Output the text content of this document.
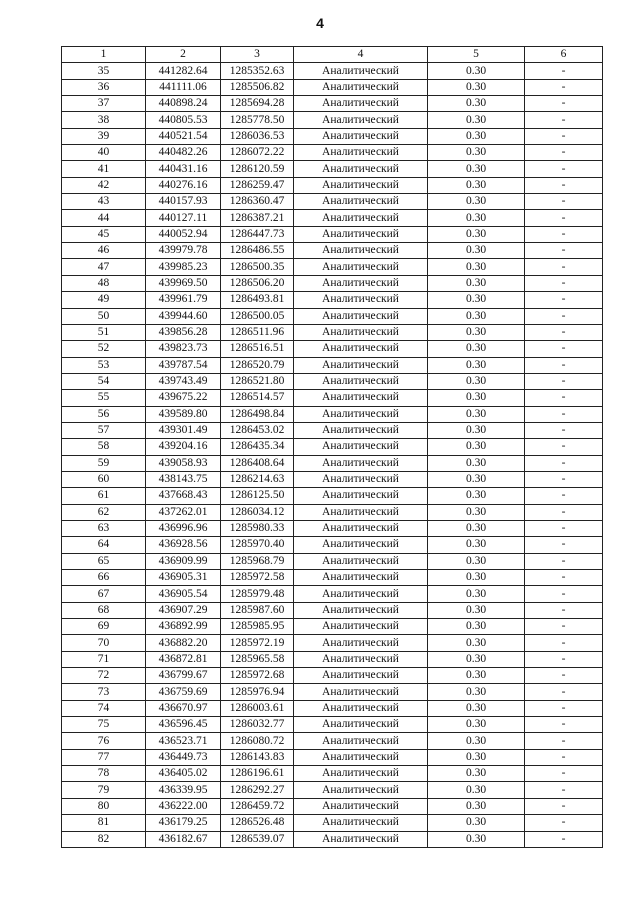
4
1	2	3	4	5	6
35	441282.64	1285352.63	Аналитический	0.30	-
36	441111.06	1285506.82	Аналитический	0.30	-
37	440898.24	1285694.28	Аналитический	0.30	-
38	440805.53	1285778.50	Аналитический	0.30	-
39	440521.54	1286036.53	Аналитический	0.30	-
40	440482.26	1286072.22	Аналитический	0.30	-
41	440431.16	1286120.59	Аналитический	0.30	-
42	440276.16	1286259.47	Аналитический	0.30	-
43	440157.93	1286360.47	Аналитический	0.30	-
44	440127.11	1286387.21	Аналитический	0.30	-
45	440052.94	1286447.73	Аналитический	0.30	-
46	439979.78	1286486.55	Аналитический	0.30	-
47	439985.23	1286500.35	Аналитический	0.30	-
48	439969.50	1286506.20	Аналитический	0.30	-
49	439961.79	1286493.81	Аналитический	0.30	-
50	439944.60	1286500.05	Аналитический	0.30	-
51	439856.28	1286511.96	Аналитический	0.30	-
52	439823.73	1286516.51	Аналитический	0.30	-
53	439787.54	1286520.79	Аналитический	0.30	-
54	439743.49	1286521.80	Аналитический	0.30	-
55	439675.22	1286514.57	Аналитический	0.30	-
56	439589.80	1286498.84	Аналитический	0.30	-
57	439301.49	1286453.02	Аналитический	0.30	-
58	439204.16	1286435.34	Аналитический	0.30	-
59	439058.93	1286408.64	Аналитический	0.30	-
60	438143.75	1286214.63	Аналитический	0.30	-
61	437668.43	1286125.50	Аналитический	0.30	-
62	437262.01	1286034.12	Аналитический	0.30	-
63	436996.96	1285980.33	Аналитический	0.30	-
64	436928.56	1285970.40	Аналитический	0.30	-
65	436909.99	1285968.79	Аналитический	0.30	-
66	436905.31	1285972.58	Аналитический	0.30	-
67	436905.54	1285979.48	Аналитический	0.30	-
68	436907.29	1285987.60	Аналитический	0.30	-
69	436892.99	1285985.95	Аналитический	0.30	-
70	436882.20	1285972.19	Аналитический	0.30	-
71	436872.81	1285965.58	Аналитический	0.30	-
72	436799.67	1285972.68	Аналитический	0.30	-
73	436759.69	1285976.94	Аналитический	0.30	-
74	436670.97	1286003.61	Аналитический	0.30	-
75	436596.45	1286032.77	Аналитический	0.30	-
76	436523.71	1286080.72	Аналитический	0.30	-
77	436449.73	1286143.83	Аналитический	0.30	-
78	436405.02	1286196.61	Аналитический	0.30	-
79	436339.95	1286292.27	Аналитический	0.30	-
80	436222.00	1286459.72	Аналитический	0.30	-
81	436179.25	1286526.48	Аналитический	0.30	-
82	436182.67	1286539.07	Аналитический	0.30	-
